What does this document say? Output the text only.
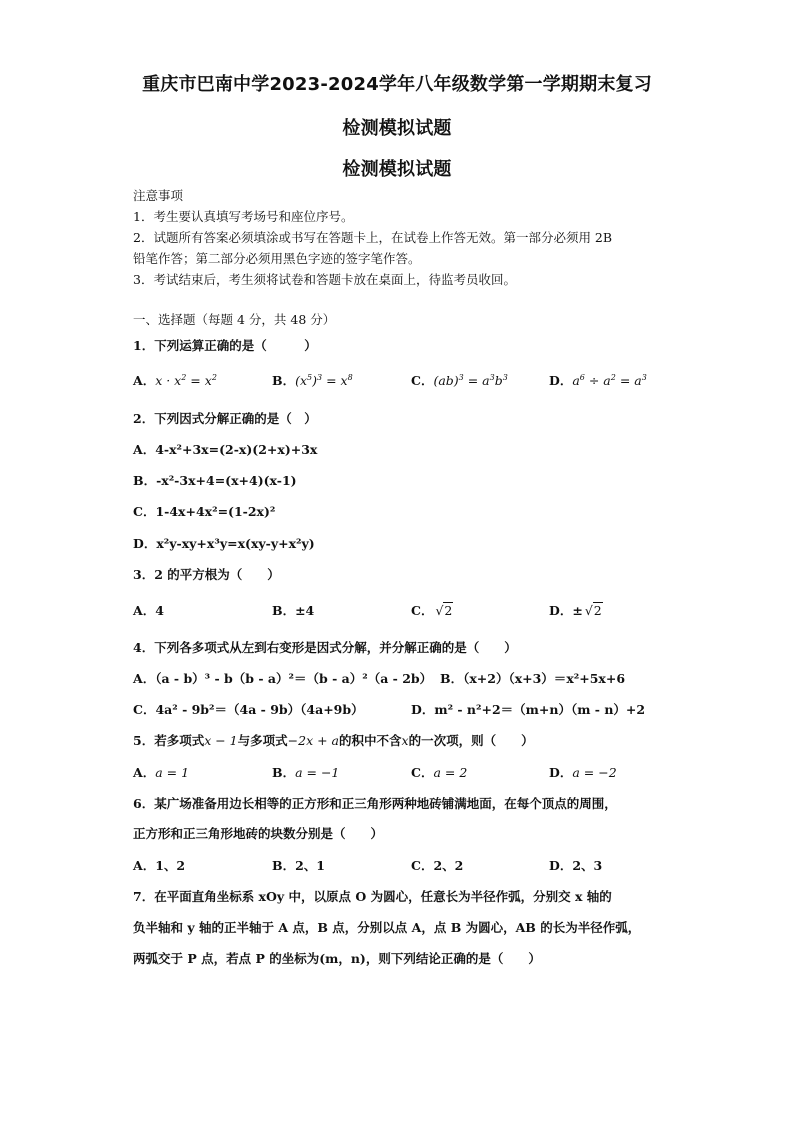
重庆市巴南中学2023-2024学年八年级数学第一学期期末复习
检测模拟试题
检测模拟试题
注意事项
1．考生要认真填写考场号和座位序号。
2．试题所有答案必须填涂或书写在答题卡上，在试卷上作答无效。第一部分必须用 2B
铅笔作答；第二部分必须用黑色字迹的签字笔作答。
3．考试结束后，考生须将试卷和答题卡放在桌面上，待监考员收回。
一、选择题（每题 4 分，共 48 分）
1．下列运算正确的是（　　　）
A．$x \cdot x^2 = x^2$	B．$(x^5)^3 = x^8$	C．$(ab)^3 = a^3b^3$	D．$a^6 \div a^2 = a^3$
2．下列因式分解正确的是（　）
A．4-x²+3x=(2-x)(2+x)+3x
B．-x²-3x+4=(x+4)(x-1)
C．1-4x+4x²=(1-2x)²
D．x²y-xy+x³y=x(xy-y+x²y)
3．2 的平方根为（　　）
A．4	B．±4	C． √2	D．± √2
4．下列各多项式从左到右变形是因式分解，并分解正确的是（　　）
A．（a - b）³ - b（b - a）²＝（b - a）²（a - 2b） B．（x+2）（x+3）＝x²+5x+6
C．4a² - 9b²＝（4a - 9b）（4a+9b）	D．m² - n²+2＝（m+n）（m - n）+2
5．若多项式x − 1与多项式−2x + a的积中不含x的一次项，则（　　）
A．a = 1	B．a = −1	C．a = 2	D．a = −2
6．某广场准备用边长相等的正方形和正三角形两种地砖铺满地面，在每个顶点的周围，
正方形和正三角形地砖的块数分别是（　　）
A．1、2	B．2、1	C．2、2	D．2、3
7．在平面直角坐标系 xOy 中，以原点 O 为圆心，任意长为半径作弧，分别交 x 轴的
负半轴和 y 轴的正半轴于 A 点，B 点，分别以点 A，点 B 为圆心，AB 的长为半径作弧，
两弧交于 P 点，若点 P 的坐标为(m，n)，则下列结论正确的是（　　）
